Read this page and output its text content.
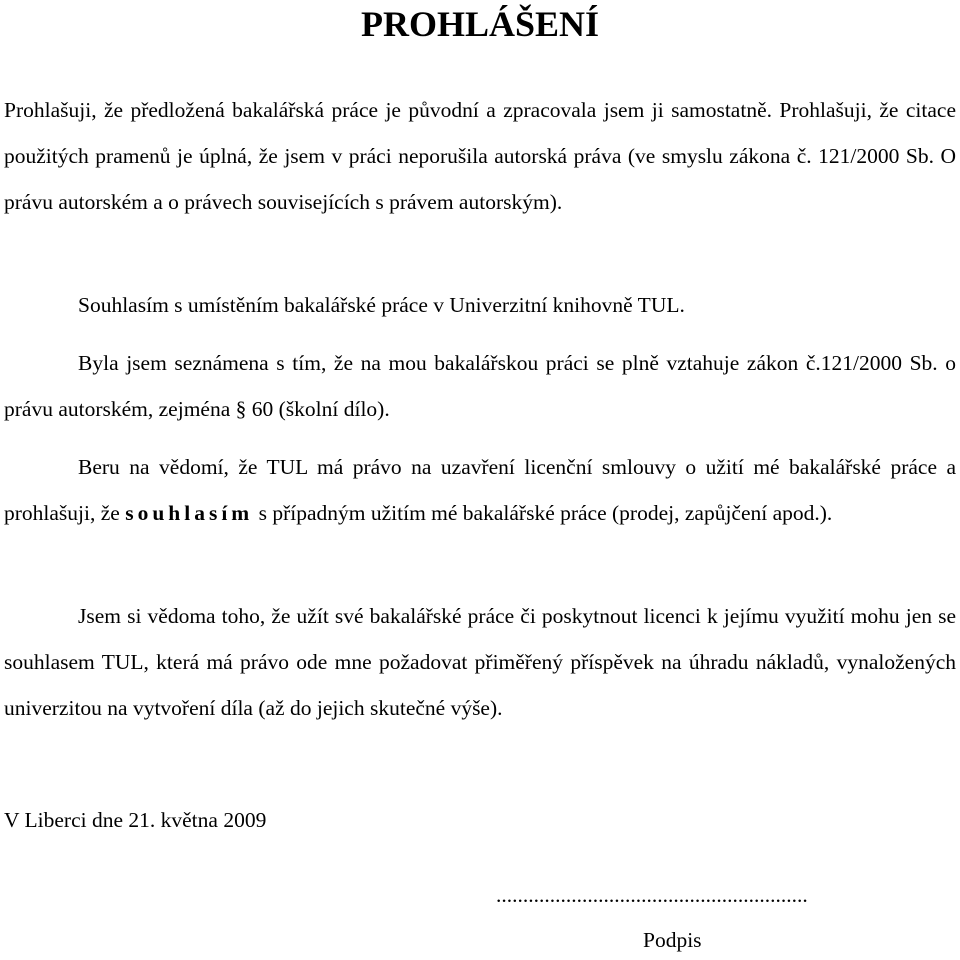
PROHLÁŠENÍ

Prohlašuji, že předložená bakalářská práce je původní a zpracovala jsem ji samostatně. Prohlašuji, že citace použitých pramenů je úplná, že jsem v práci neporušila autorská práva (ve smyslu zákona č. 121/2000 Sb. O právu autorském a o právech souvisejících s právem autorským).

Souhlasím s umístěním bakalářské práce v Univerzitní knihovně TUL.

Byla jsem seznámena s tím, že na mou bakalářskou práci se plně vztahuje zákon č.121/2000 Sb. o právu autorském, zejména § 60 (školní dílo).

Beru na vědomí, že TUL má právo na uzavření licenční smlouvy o užití mé bakalářské práce a prohlašuji, že souhlasím s případným užitím mé bakalářské práce (prodej, zapůjčení apod.).

Jsem si vědoma toho, že užít své bakalářské práce či poskytnout licenci k jejímu využití mohu jen se souhlasem TUL, která má právo ode mne požadovat přiměřený příspěvek na úhradu nákladů, vynaložených univerzitou na vytvoření díla (až do jejich skutečné výše).

V Liberci dne 21. května 2009

..........................................................

Podpis
